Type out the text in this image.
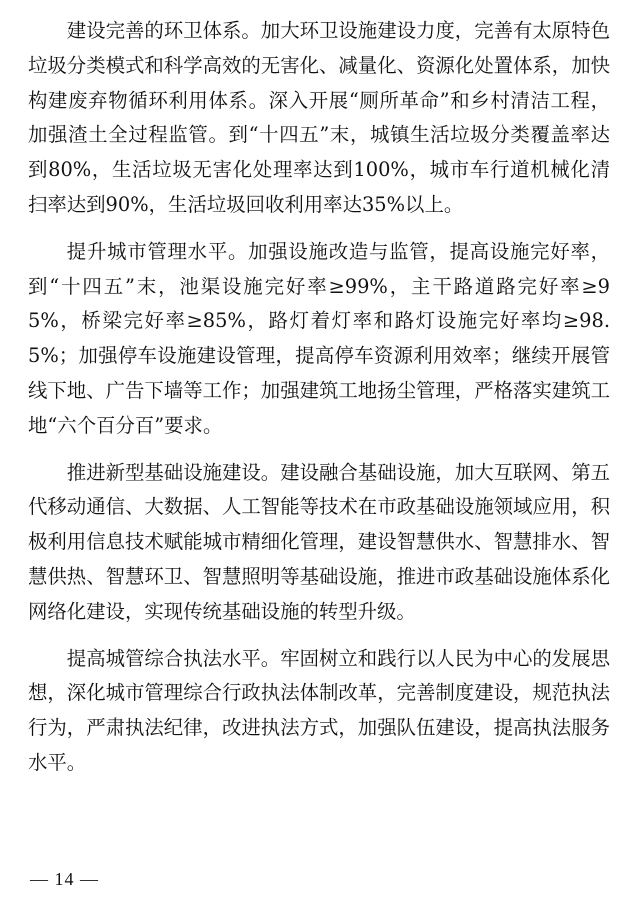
建设完善的环卫体系。加大环卫设施建设力度，完善有太原特色垃圾分类模式和科学高效的无害化、减量化、资源化处置体系，加快构建废弃物循环利用体系。深入开展“厕所革命”和乡村清洁工程，加强渣土全过程监管。到“十四五”末，城镇生活垃圾分类覆盖率达到80%，生活垃圾无害化处理率达到100%，城市车行道机械化清扫率达到90%，生活垃圾回收利用率达35%以上。

提升城市管理水平。加强设施改造与监管，提高设施完好率，到“十四五”末，池渠设施完好率≥99%，主干路道路完好率≥95%，桥梁完好率≥85%，路灯着灯率和路灯设施完好率均≥98.5%；加强停车设施建设管理，提高停车资源利用效率；继续开展管线下地、广告下墙等工作；加强建筑工地扬尘管理，严格落实建筑工地“六个百分百”要求。

推进新型基础设施建设。建设融合基础设施，加大互联网、第五代移动通信、大数据、人工智能等技术在市政基础设施领域应用，积极利用信息技术赋能城市精细化管理，建设智慧供水、智慧排水、智慧供热、智慧环卫、智慧照明等基础设施，推进市政基础设施体系化网络化建设，实现传统基础设施的转型升级。

提高城管综合执法水平。牢固树立和践行以人民为中心的发展思想，深化城市管理综合行政执法体制改革，完善制度建设，规范执法行为，严肃执法纪律，改进执法方式，加强队伍建设，提高执法服务水平。

— 14 —
